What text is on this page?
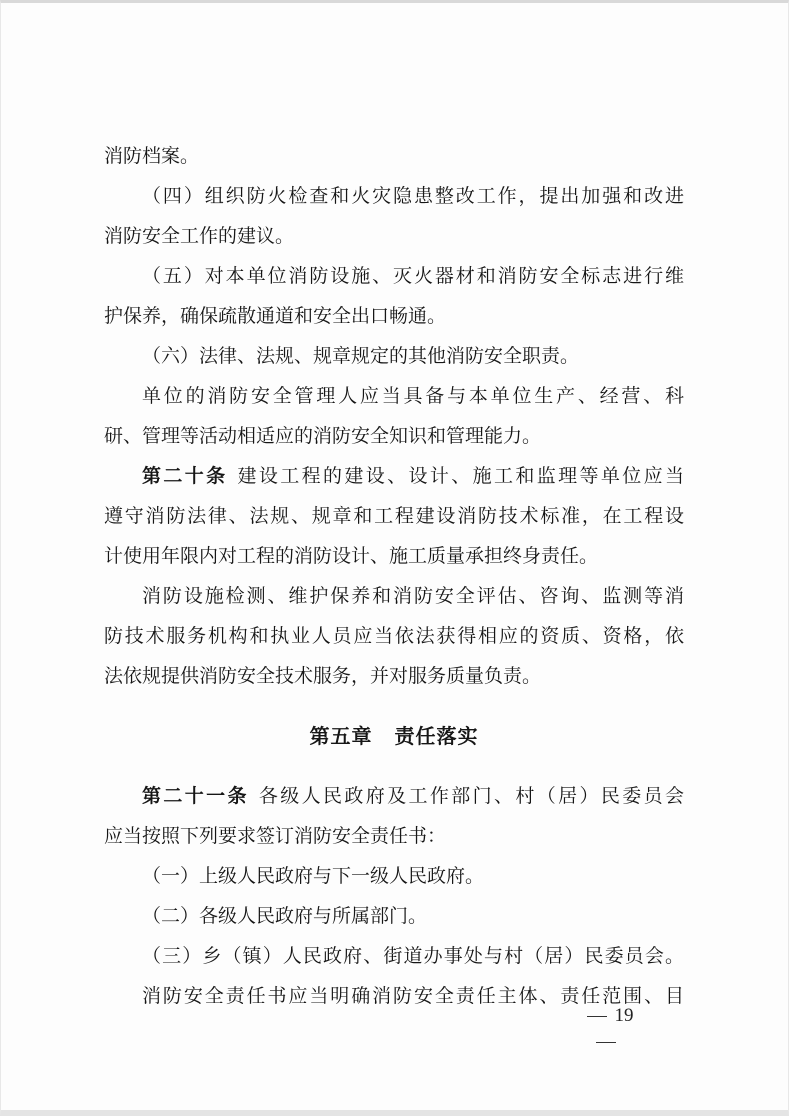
消防档案。
（四）组织防火检查和火灾隐患整改工作，提出加强和改进
消防安全工作的建议。
（五）对本单位消防设施、灭火器材和消防安全标志进行维
护保养，确保疏散通道和安全出口畅通。
（六）法律、法规、规章规定的其他消防安全职责。
单位的消防安全管理人应当具备与本单位生产、经营、科
研、管理等活动相适应的消防安全知识和管理能力。
第二十条 建设工程的建设、设计、施工和监理等单位应当
遵守消防法律、法规、规章和工程建设消防技术标准，在工程设
计使用年限内对工程的消防设计、施工质量承担终身责任。
消防设施检测、维护保养和消防安全评估、咨询、监测等消
防技术服务机构和执业人员应当依法获得相应的资质、资格，依
法依规提供消防安全技术服务，并对服务质量负责。
第五章 责任落实
第二十一条 各级人民政府及工作部门、村（居）民委员会
应当按照下列要求签订消防安全责任书：
（一）上级人民政府与下一级人民政府。
（二）各级人民政府与所属部门。
（三）乡（镇）人民政府、街道办事处与村（居）民委员会。
消防安全责任书应当明确消防安全责任主体、责任范围、目
19
